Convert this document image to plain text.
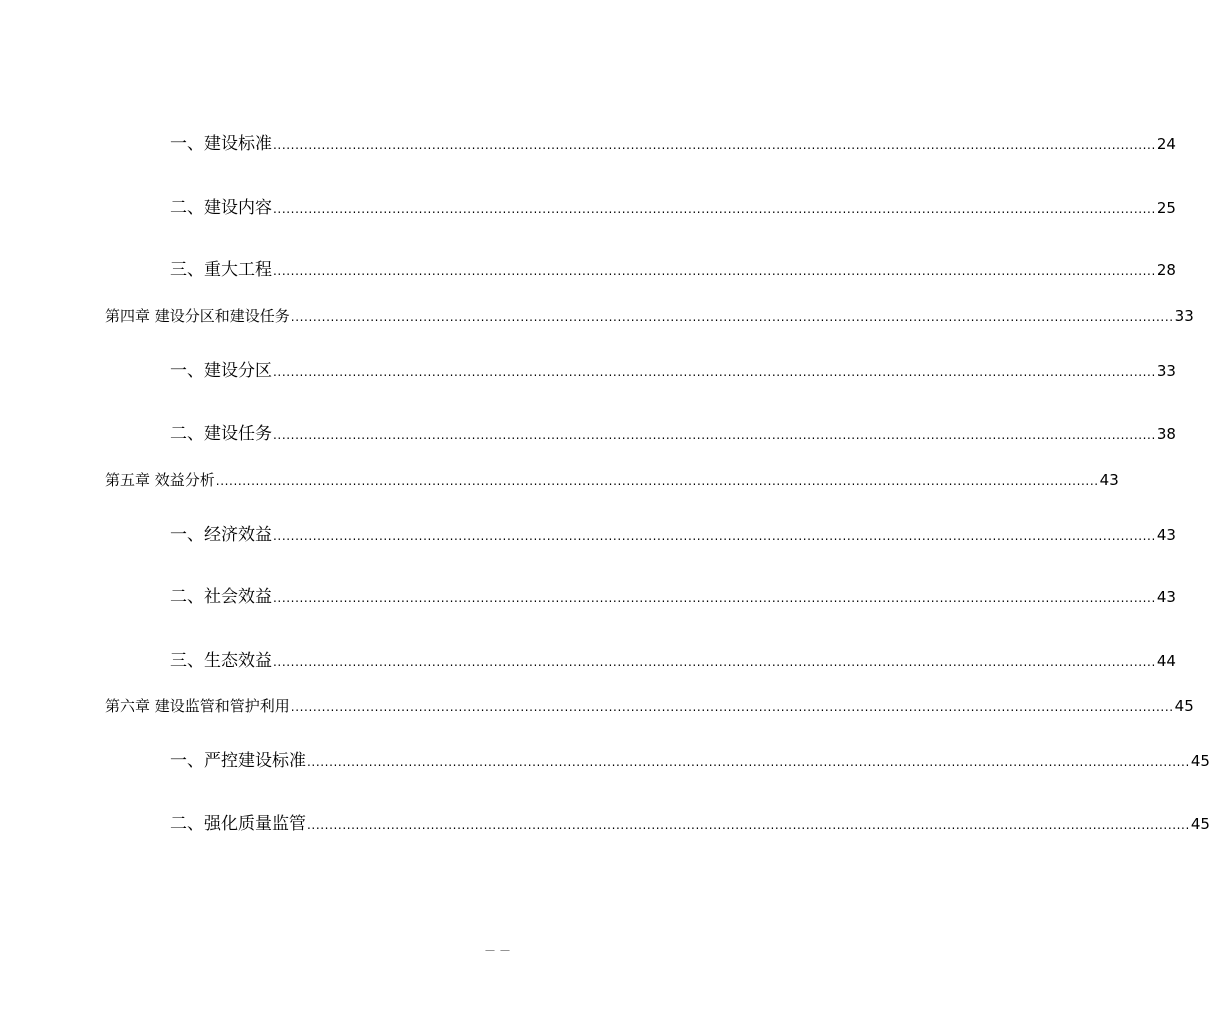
一、建设标准 ........................................................................................................................................................................................................ 24
二、建设内容 ........................................................................................................................................................................................................ 25
三、重大工程 ........................................................................................................................................................................................................ 28
第四章 建设分区和建设任务 ........................................................................................................................................................................................................ 33
一、建设分区 ........................................................................................................................................................................................................ 33
二、建设任务 ........................................................................................................................................................................................................ 38
第五章 效益分析 ........................................................................................................................................................................................................ 43
一、经济效益 ........................................................................................................................................................................................................ 43
二、社会效益 ........................................................................................................................................................................................................ 43
三、生态效益 ........................................................................................................................................................................................................ 44
第六章 建设监管和管护利用 ........................................................................................................................................................................................................ 45
一、严控建设标准 ........................................................................................................................................................................................................ 45
二、强化质量监管 ........................................................................................................................................................................................................ 45
－－
